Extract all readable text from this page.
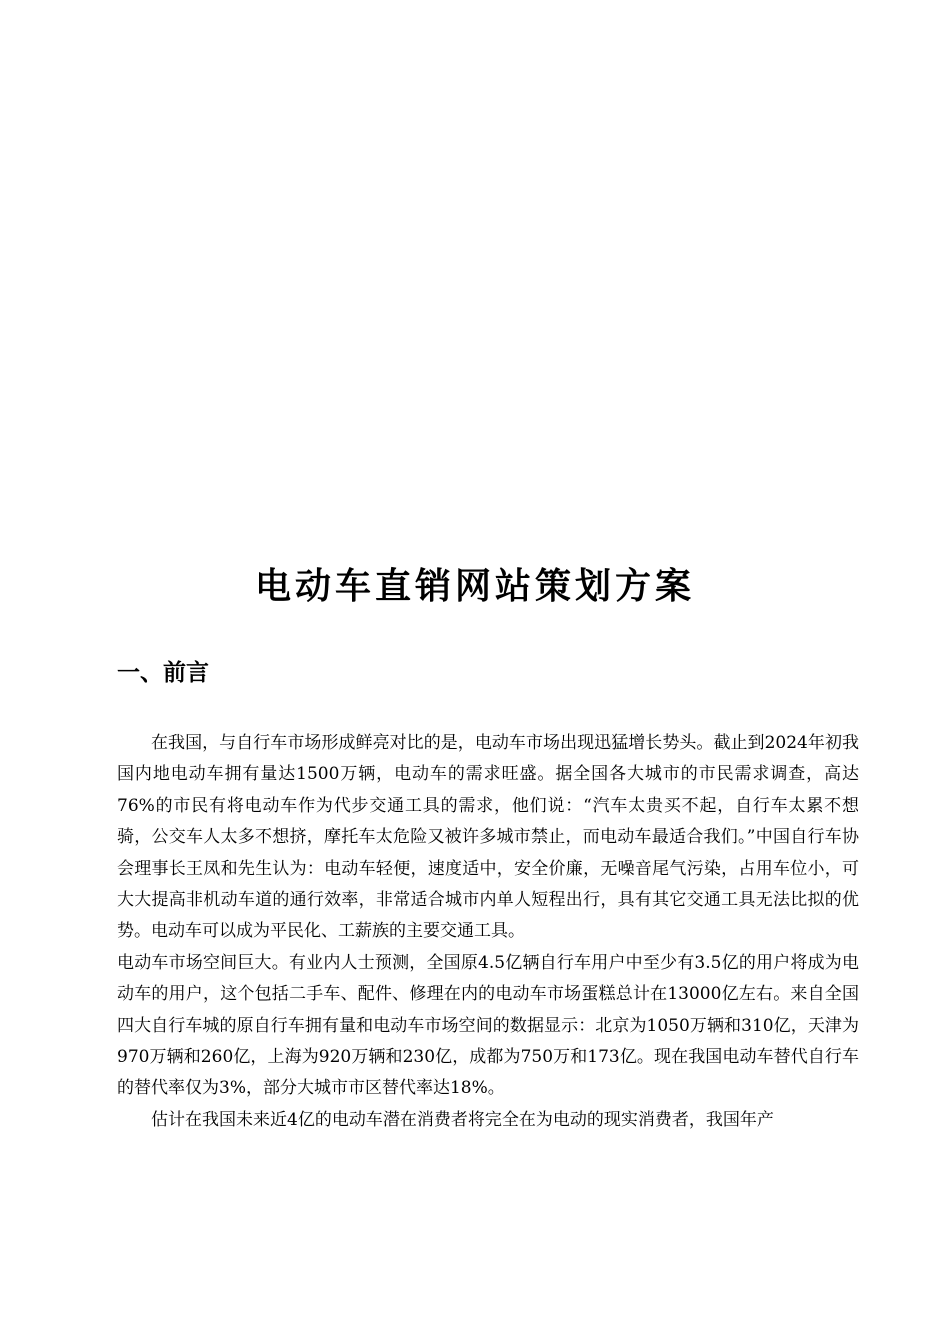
电动车直销网站策划方案
一、前言

在我国，与自行车市场形成鲜亮对比的是，电动车市场出现迅猛增长势头。截止到2024年初我国内地电动车拥有量达1500万辆，电动车的需求旺盛。据全国各大城市的市民需求调查，高达76%的市民有将电动车作为代步交通工具的需求，他们说：“汽车太贵买不起，自行车太累不想骑，公交车人太多不想挤，摩托车太危险又被许多城市禁止，而电动车最适合我们。”中国自行车协会理事长王凤和先生认为：电动车轻便，速度适中，安全价廉，无噪音尾气污染，占用车位小，可大大提高非机动车道的通行效率，非常适合城市内单人短程出行，具有其它交通工具无法比拟的优势。电动车可以成为平民化、工薪族的主要交通工具。

电动车市场空间巨大。有业内人士预测，全国原4.5亿辆自行车用户中至少有3.5亿的用户将成为电动车的用户，这个包括二手车、配件、修理在内的电动车市场蛋糕总计在13000亿左右。来自全国四大自行车城的原自行车拥有量和电动车市场空间的数据显示：北京为1050万辆和310亿，天津为970万辆和260亿，上海为920万辆和230亿，成都为750万和173亿。现在我国电动车替代自行车的替代率仅为3%，部分大城市市区替代率达18%。

估计在我国未来近4亿的电动车潜在消费者将完全在为电动的现实消费者，我国年产
